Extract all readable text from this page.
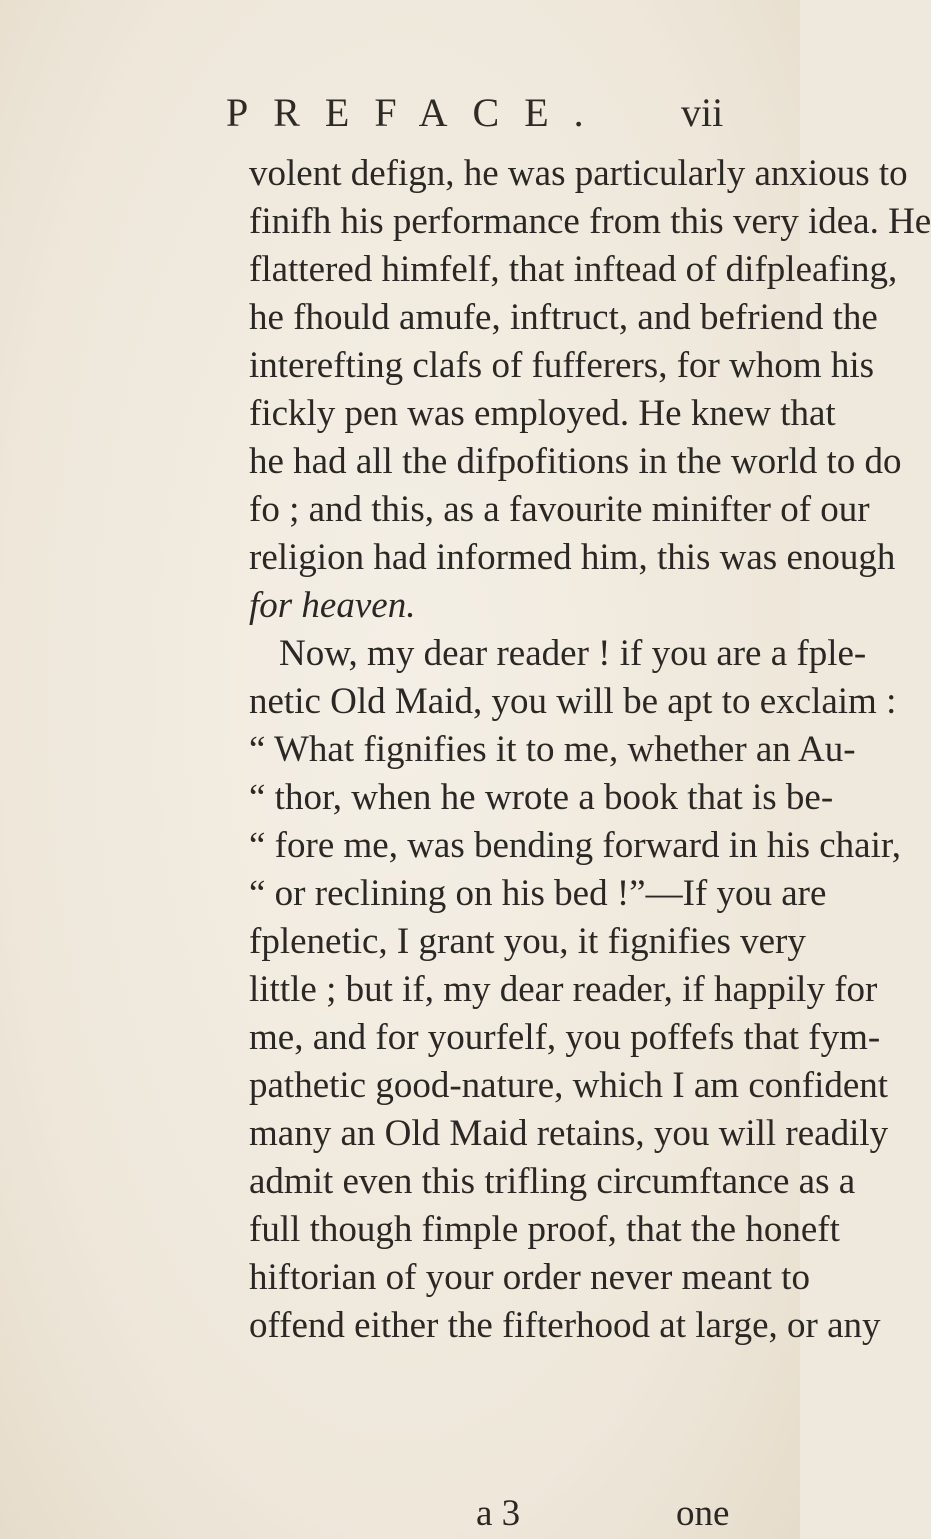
PREFACE. vii
volent defign, he was particularly anxious to
finifh his performance from this very idea. He
flattered himfelf, that inftead of difpleafing,
he fhould amufe, inftruct, and befriend the
interefting clafs of fufferers, for whom his
fickly pen was employed. He knew that
he had all the difpofitions in the world to do
fo ; and this, as a favourite minifter of our
religion had informed him, this was enough
for heaven.
Now, my dear reader ! if you are a fple-
netic Old Maid, you will be apt to exclaim :
“ What fignifies it to me, whether an Au-
“ thor, when he wrote a book that is be-
“ fore me, was bending forward in his chair,
“ or reclining on his bed !”—If you are
fplenetic, I grant you, it fignifies very
little ; but if, my dear reader, if happily for
me, and for yourfelf, you poffefs that fym-
pathetic good-nature, which I am confident
many an Old Maid retains, you will readily
admit even this trifling circumftance as a
full though fimple proof, that the honeft
hiftorian of your order never meant to
offend either the fifterhood at large, or any
a 3	one
